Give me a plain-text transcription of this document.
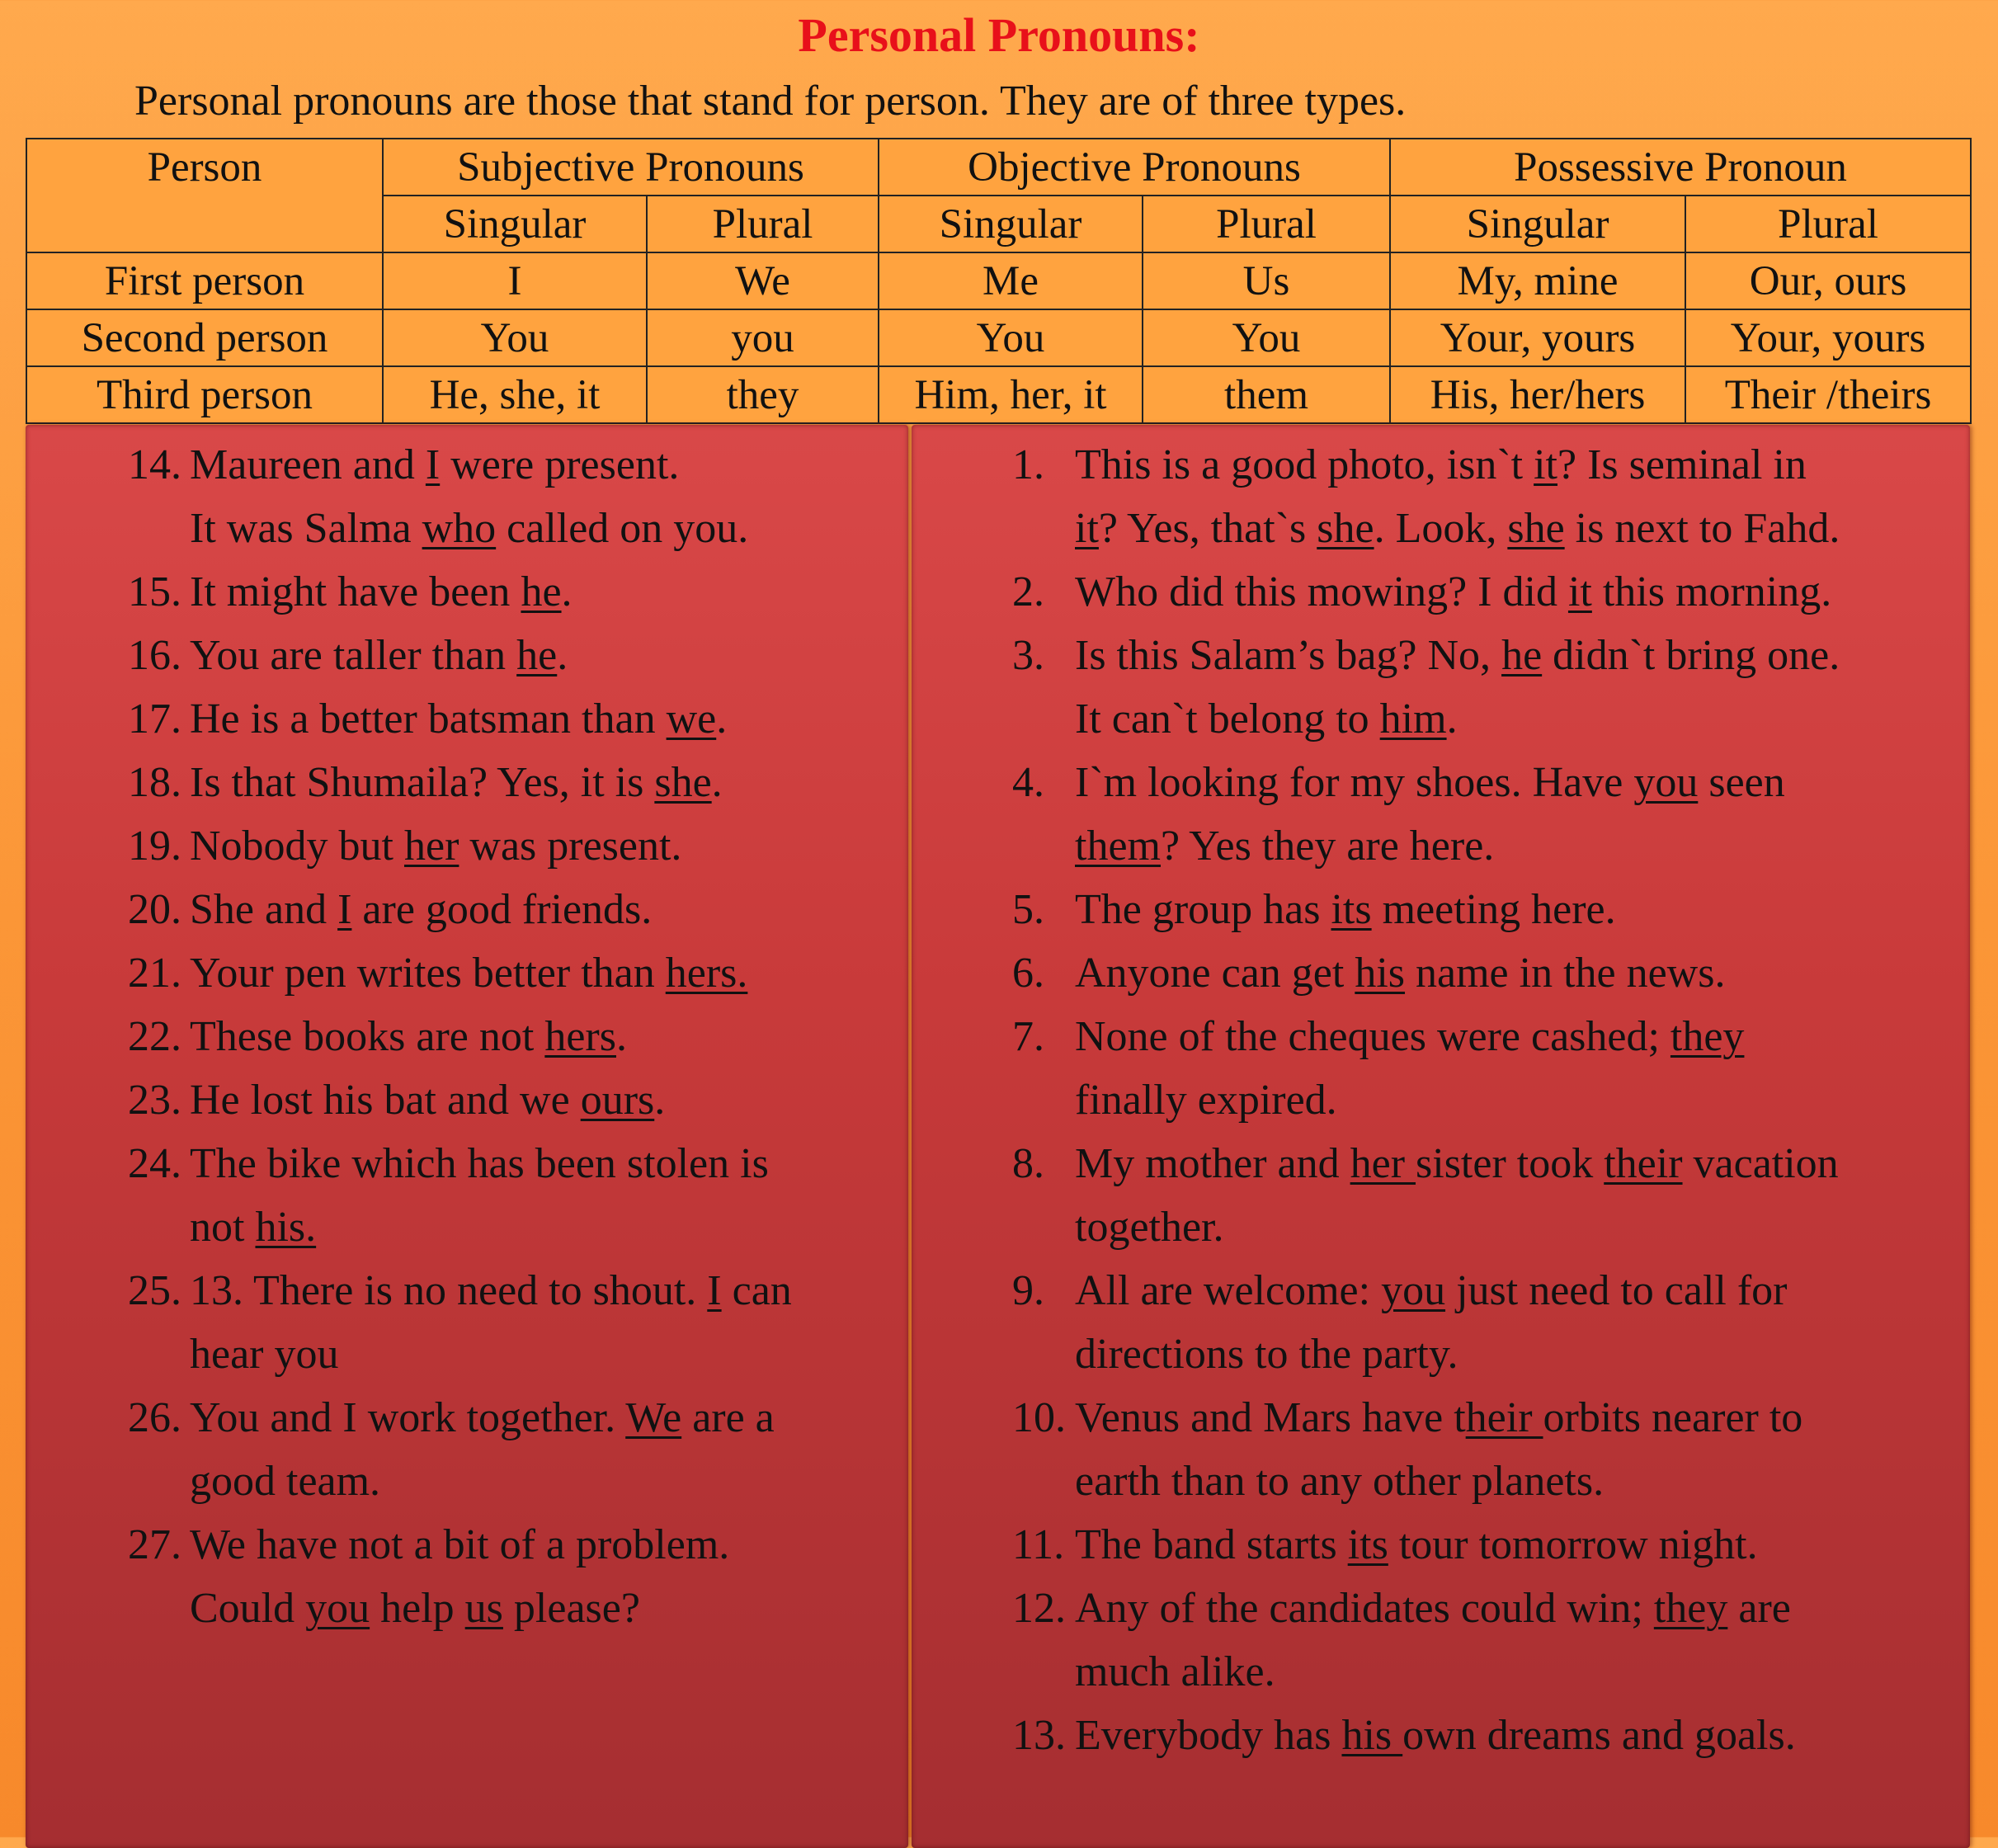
Personal Pronouns:
Personal pronouns are those that stand for person. They are of three types.
Person	Subjective Pronouns		Objective Pronouns		Possessive Pronoun	
	Singular	Plural	Singular	Plural	Singular	Plural
First person	I	We	Me	Us	My, mine	Our, ours
Second person	You	you	You	You	Your, yours	Your, yours
Third person	He, she, it	they	Him, her, it	them	His, her/hers	Their /theirs
14. Maureen and I were present.
It was Salma who called on you.
15. It might have been he.
16. You are taller than he.
17. He is a better batsman than we.
18. Is that Shumaila? Yes, it is she.
19. Nobody but her was present.
20. She and I are good friends.
21. Your pen writes better than hers.
22. These books are not hers.
23. He lost his bat and we ours.
24. The bike which has been stolen is
not his.
25. 13. There is no need to shout. I can
hear you
26. You and I work together. We are a
good team.
27. We have not a bit of a problem.
Could you help us please?
1. This is a good photo, isn`t it? Is seminal in
it? Yes, that`s she. Look, she is next to Fahd.
2. Who did this mowing? I did it this morning.
3. Is this Salam’s bag? No, he didn`t bring one.
It can`t belong to him.
4. I`m looking for my shoes. Have you seen
them? Yes they are here.
5. The group has its meeting here.
6. Anyone can get his name in the news.
7. None of the cheques were cashed; they
finally expired.
8. My mother and her sister took their vacation
together.
9. All are welcome: you just need to call for
directions to the party.
10. Venus and Mars have their orbits nearer to
earth than to any other planets.
11. The band starts its tour tomorrow night.
12. Any of the candidates could win; they are
much alike.
13. Everybody has his own dreams and goals.
